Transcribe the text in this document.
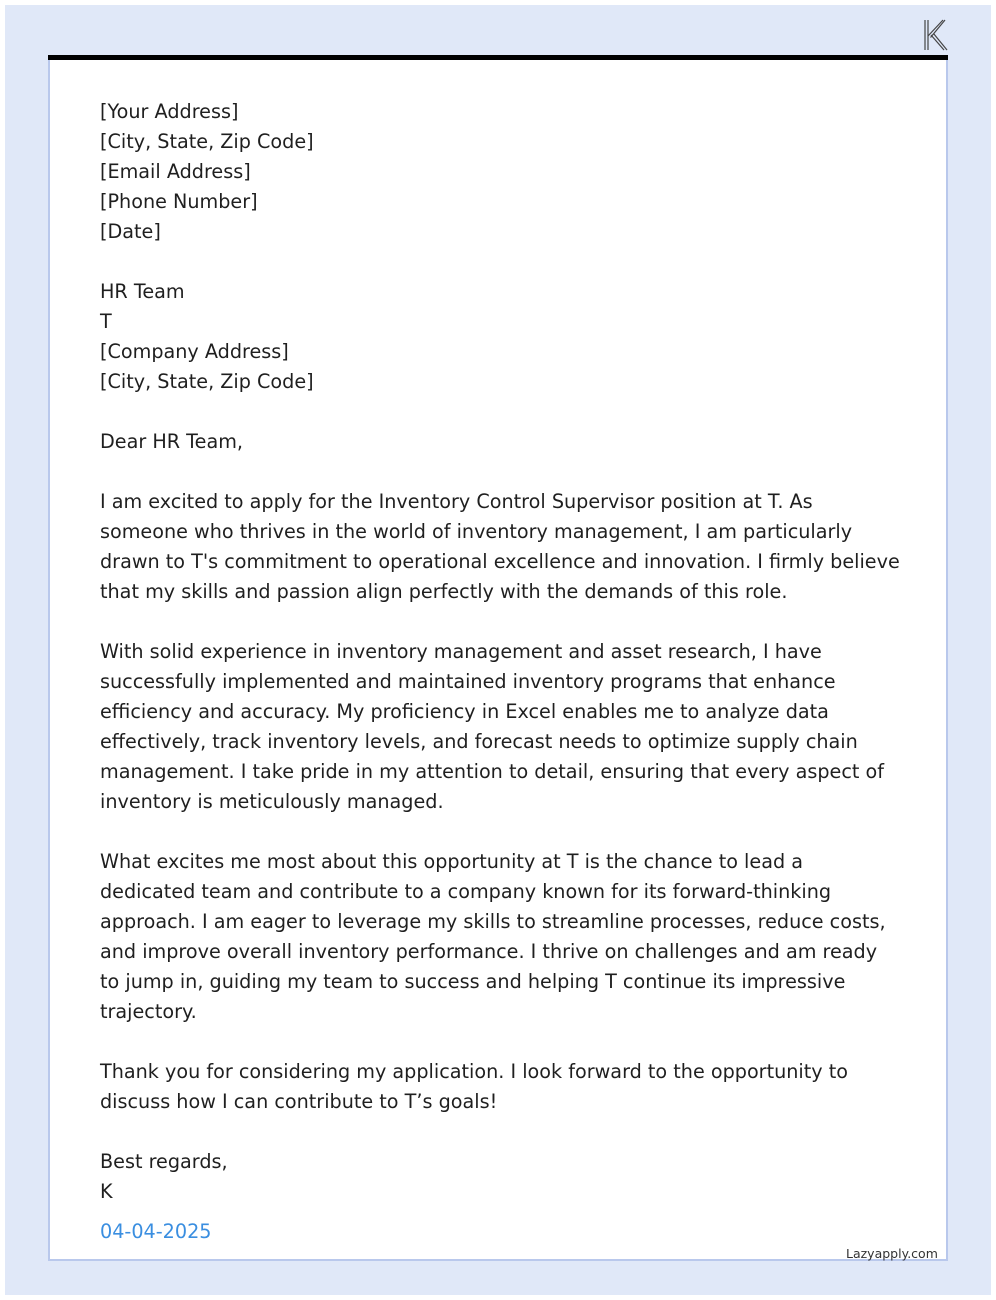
[Your Address]
[City, State, Zip Code]
[Email Address]
[Phone Number]
[Date]
HR Team
T
[Company Address]
[City, State, Zip Code]

Dear HR Team,

I am excited to apply for the Inventory Control Supervisor position at T. As someone who thrives in the world of inventory management, I am particularly drawn to T's commitment to operational excellence and innovation. I firmly believe that my skills and passion align perfectly with the demands of this role.

With solid experience in inventory management and asset research, I have successfully implemented and maintained inventory programs that enhance efficiency and accuracy. My proficiency in Excel enables me to analyze data effectively, track inventory levels, and forecast needs to optimize supply chain management. I take pride in my attention to detail, ensuring that every aspect of inventory is meticulously managed.

What excites me most about this opportunity at T is the chance to lead a dedicated team and contribute to a company known for its forward-thinking approach. I am eager to leverage my skills to streamline processes, reduce costs, and improve overall inventory performance. I thrive on challenges and am ready to jump in, guiding my team to success and helping T continue its impressive trajectory.

Thank you for considering my application. I look forward to the opportunity to discuss how I can contribute to T’s goals!

Best regards,
K
04-04-2025
Lazyapply.com
